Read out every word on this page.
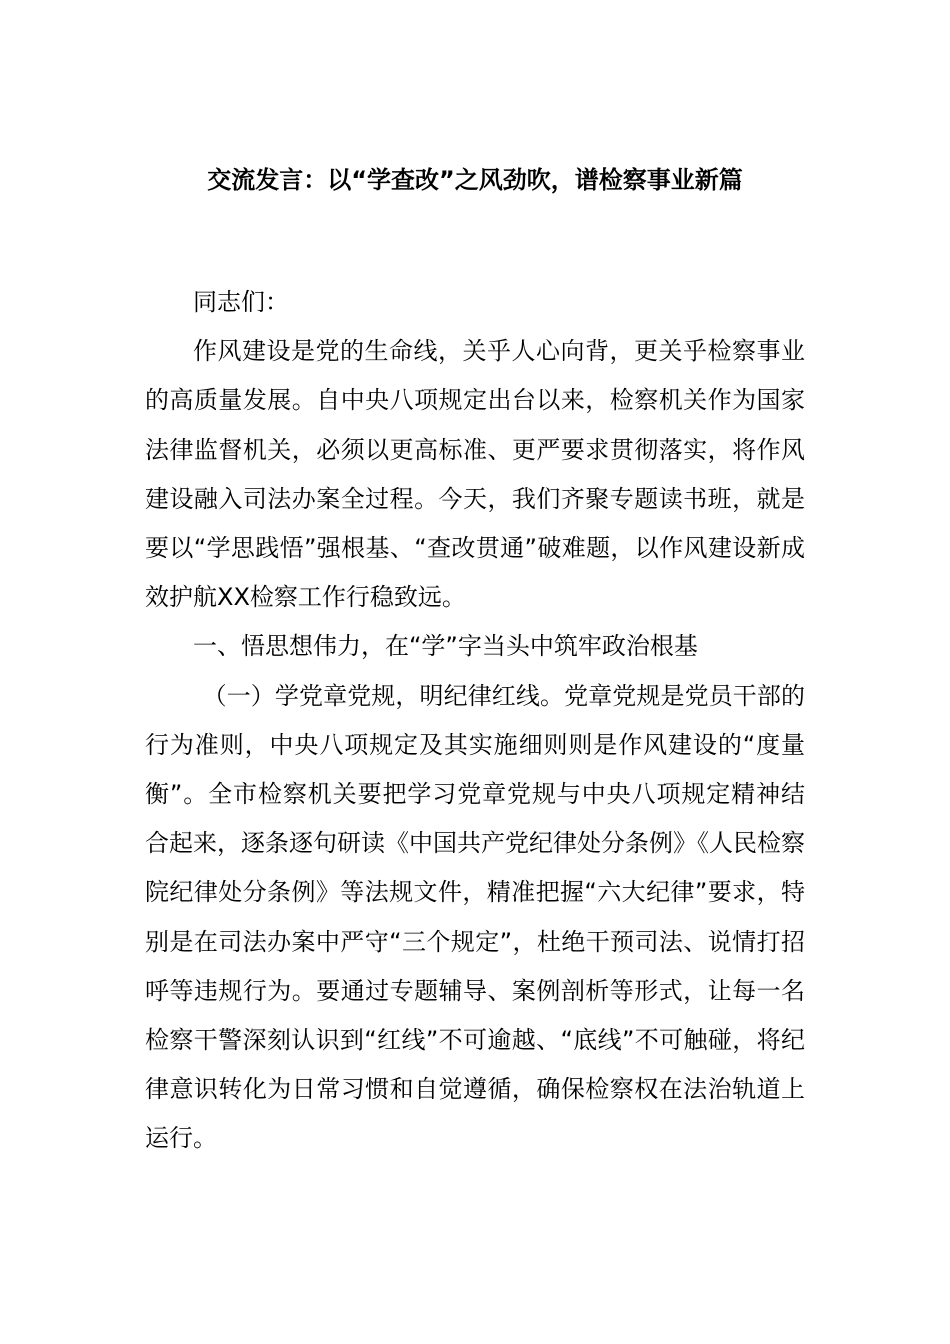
交流发言：以“学查改”之风劲吹，谱检察事业新篇

同志们：

作风建设是党的生命线，关乎人心向背，更关乎检察事业的高质量发展。自中央八项规定出台以来，检察机关作为国家法律监督机关，必须以更高标准、更严要求贯彻落实，将作风建设融入司法办案全过程。今天，我们齐聚专题读书班，就是要以“学思践悟”强根基、“查改贯通”破难题，以作风建设新成效护航XX检察工作行稳致远。

一、悟思想伟力，在“学”字当头中筑牢政治根基

（一）学党章党规，明纪律红线。党章党规是党员干部的行为准则，中央八项规定及其实施细则则是作风建设的“度量衡”。全市检察机关要把学习党章党规与中央八项规定精神结合起来，逐条逐句研读《中国共产党纪律处分条例》《人民检察院纪律处分条例》等法规文件，精准把握“六大纪律”要求，特别是在司法办案中严守“三个规定”，杜绝干预司法、说情打招呼等违规行为。要通过专题辅导、案例剖析等形式，让每一名检察干警深刻认识到“红线”不可逾越、“底线”不可触碰，将纪律意识转化为日常习惯和自觉遵循，确保检察权在法治轨道上运行。
